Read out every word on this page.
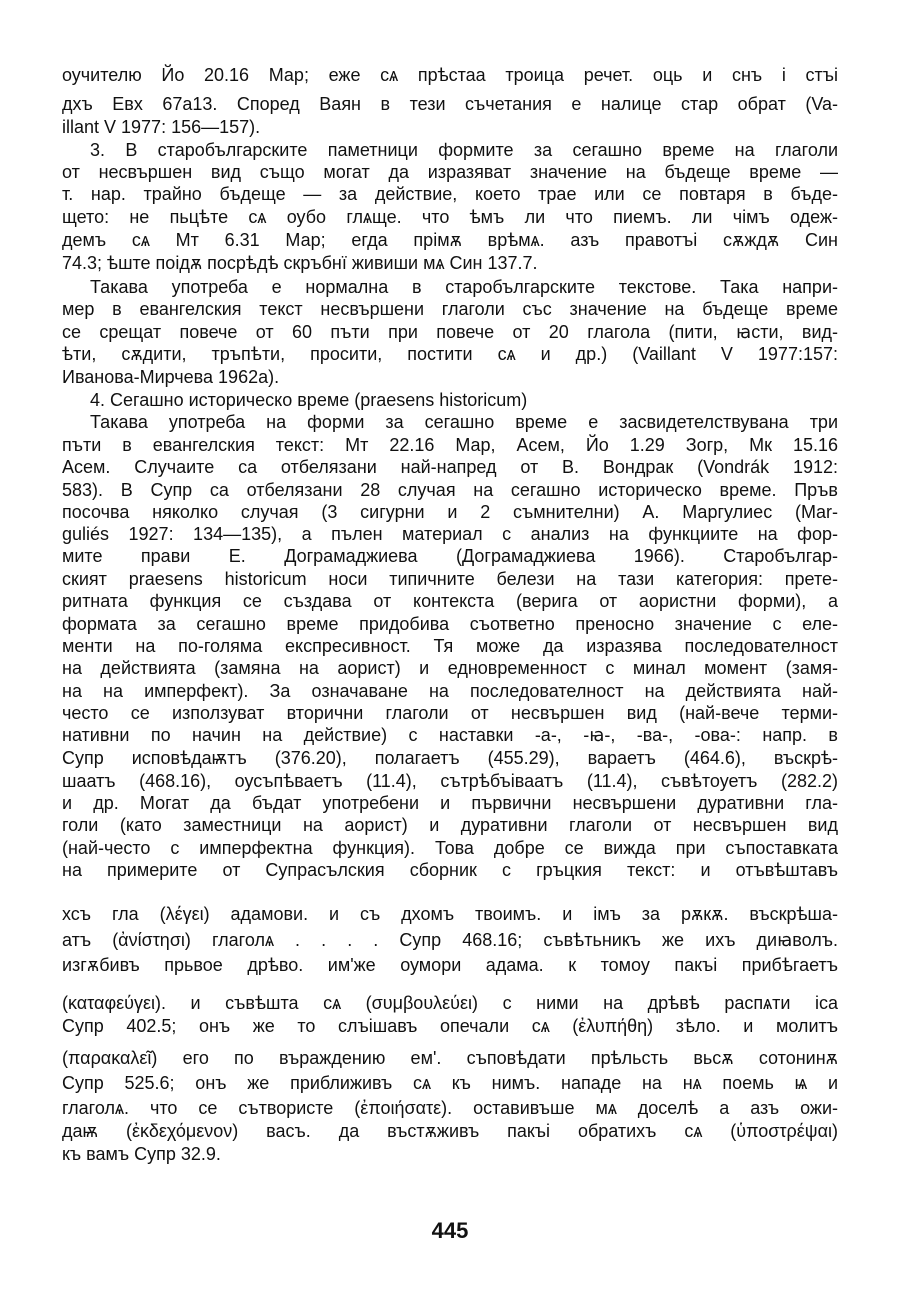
оучителю Йо 20.16 Мар; еже сѧ прѣстаа троица речет. оць и снъ і стъі
дхъ Евх 67а13. Според Ваян в тези съчетания е налице стар обрат (Va-
illant V 1977: 156—157).
3. В старобългарските паметници формите за сегашно време на глаголи
от несвършен вид също могат да изразяват значение на бъдеще време —
т. нар. трайно бъдеще — за действие, което трае или се повтаря в бъде-
щето: не пьцѣте сѧ оубо глѧще. что ѣмъ ли что пиемъ. ли чімъ одеж-
демъ сѧ Мт 6.31 Мар; егда прімѫ врѣмѧ. азъ правотъі сѫждѫ Син
74.3; ѣште поідѫ посрѣдѣ скръбнї живиши мѧ Син 137.7.
Такава употреба е нормална в старобългарските текстове. Така напри-
мер в евангелския текст несвършени глаголи със значение на бъдеще време
се срещат повече от 60 пъти при повече от 20 глагола (пити, ꙗсти, вид-
ѣти, сѫдити, тръпѣти, просити, постити сѧ и др.) (Vaillant V 1977:157:
Иванова-Мирчева 1962а).
4. Сегашно историческо време (praesens historicum)
Такава употреба на форми за сегашно време е засвидетелствувана три
пъти в евангелския текст: Мт 22.16 Мар, Асем, Йо 1.29 Зогр, Мк 15.16
Асем. Случаите са отбелязани най-напред от В. Вондрак (Vondrák 1912:
583). В Супр са отбелязани 28 случая на сегашно историческо време. Пръв
посочва няколко случая (3 сигурни и 2 съмнителни) А. Маргулиес (Mar-
guliés 1927: 134—135), а пълен материал с анализ на функциите на фор-
мите прави Е. Дограмаджиева (Дограмаджиева 1966). Старобългар-
ският praesens historicum носи типичните белези на тази категория: прете-
ритната функция се създава от контекста (верига от аористни форми), а
формата за сегашно време придобива съответно преносно значение с еле-
менти на по-голяма експресивност. Тя може да изразява последователност
на действията (замяна на аорист) и едновременност с минал момент (замя-
на на имперфект). За означаване на последователност на действията най-
често се използуват вторични глаголи от несвършен вид (най-вече терми-
нативни по начин на действие) с наставки -а-, -ꙗ-, -ва-, -ова-: напр. в
Супр исповѣдаѭтъ (376.20), полагаетъ (455.29), вараетъ (464.6), въскрѣ-
шаатъ (468.16), оусъпѣваетъ (11.4), сътрѣбъіваатъ (11.4), съвѣтоуетъ (282.2)
и др. Могат да бъдат употребени и първични несвършени дуративни гла-
голи (като заместници на аорист) и дуративни глаголи от несвършен вид
(най-често с имперфектна функция). Това добре се вижда при съпоставката
на примерите от Супрасълския сборник с гръцкия текст: и отъвѣштавъ
хсъ гла (λέγει) адамови. и съ дхомъ твоимъ. и імъ за рѫкѫ. въскрѣша-
атъ (ἀνίστησι) глаголѧ . . . . Супр 468.16; съвѣтьникъ же ихъ диꙗволъ.
изгѫбивъ прьвое дрѣво. им'же оумори адама. к томоу пакъі прибѣгаетъ
(καταφεύγει). и съвѣшта сѧ (συμβουλεύει) с ними на дрѣвѣ распѧти іса
Супр 402.5; онъ же то слъішавъ опечали сѧ (ἐλυπήθη) зѣло. и молитъ
(παρακαλεῖ) его по въраждению ем'. съповѣдати прѣльсть вьсѫ сотонинѫ
Супр 525.6; онъ же приближивъ сѧ къ нимъ. нападе на нѧ поемь ѩ и
глаголѧ. что се сътвористе (ἐποιήσατε). оставивъше мѧ доселѣ а азъ ожи-
даѭ (ἐκδεχόμενον) васъ. да въстѫживъ пакъі обратихъ сѧ (ὑποστρέψαι)
къ вамъ Супр 32.9.
445
